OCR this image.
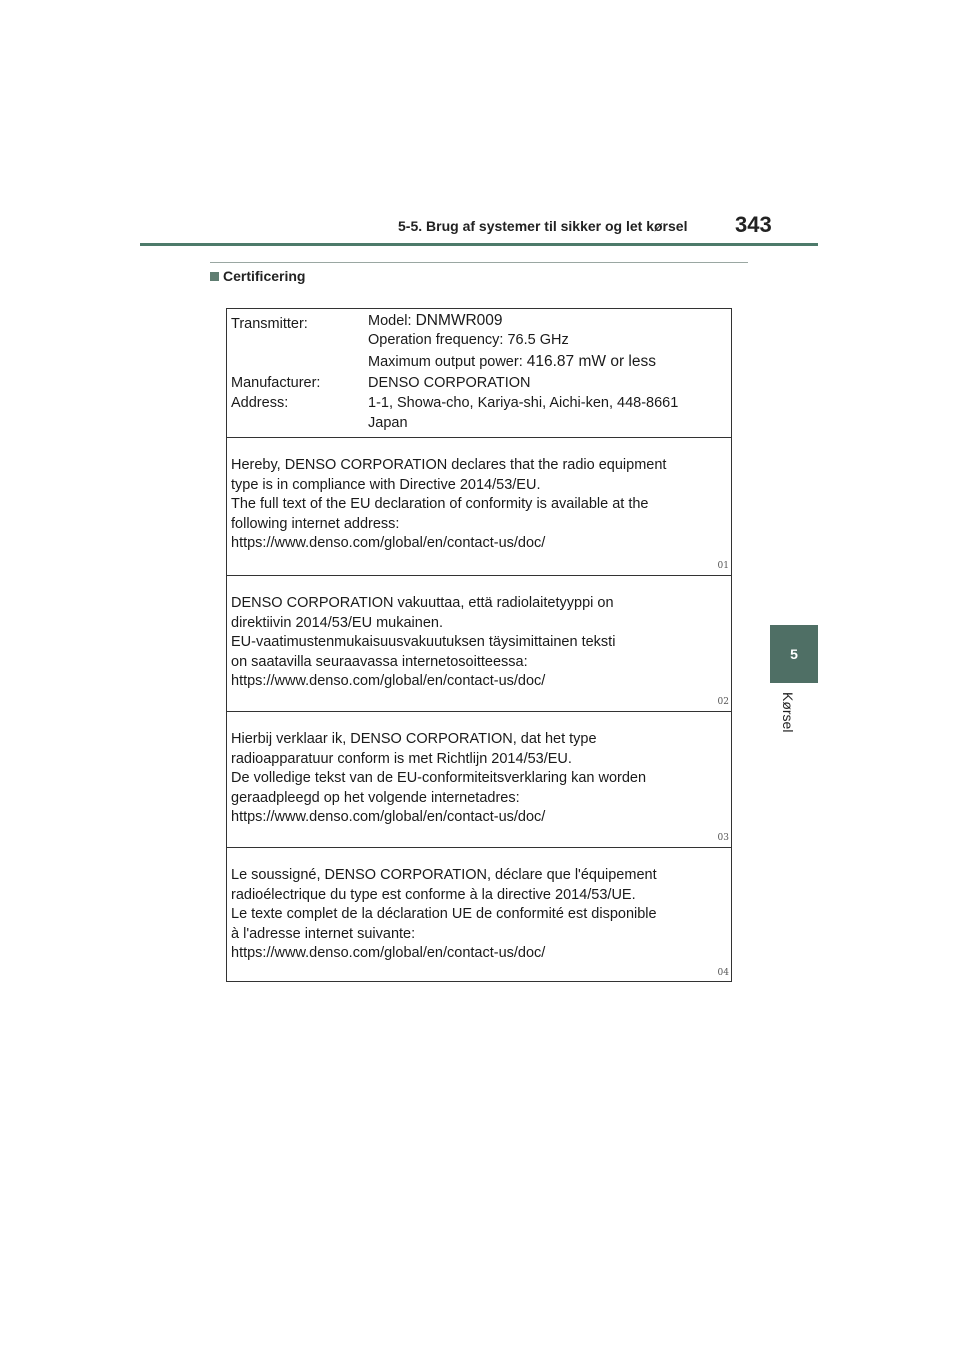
5-5. Brug af systemer til sikker og let kørsel 343
Certificering
5
Kørsel
Transmitter:	Model: DNMWR009
Operation frequency: 76.5 GHz
Maximum output power: 416.87 mW or less
Manufacturer:	DENSO CORPORATION
Address:	1-1, Showa-cho, Kariya-shi, Aichi-ken, 448-8661
Japan
Hereby, DENSO CORPORATION declares that the radio equipment
type is in compliance with Directive 2014/53/EU.
The full text of the EU declaration of conformity is available at the
following internet address:
https://www.denso.com/global/en/contact-us/doc/
01
DENSO CORPORATION vakuuttaa, että radiolaitetyyppi on
direktiivin 2014/53/EU mukainen.
EU-vaatimustenmukaisuusvakuutuksen täysimittainen teksti
on saatavilla seuraavassa internetosoitteessa:
https://www.denso.com/global/en/contact-us/doc/
02
Hierbij verklaar ik, DENSO CORPORATION, dat het type
radioapparatuur conform is met Richtlijn 2014/53/EU.
De volledige tekst van de EU-conformiteitsverklaring kan worden
geraadpleegd op het volgende internetadres:
https://www.denso.com/global/en/contact-us/doc/
03
Le soussigné, DENSO CORPORATION, déclare que l'équipement
radioélectrique du type est conforme à la directive 2014/53/UE.
Le texte complet de la déclaration UE de conformité est disponible
à l'adresse internet suivante:
https://www.denso.com/global/en/contact-us/doc/
04
